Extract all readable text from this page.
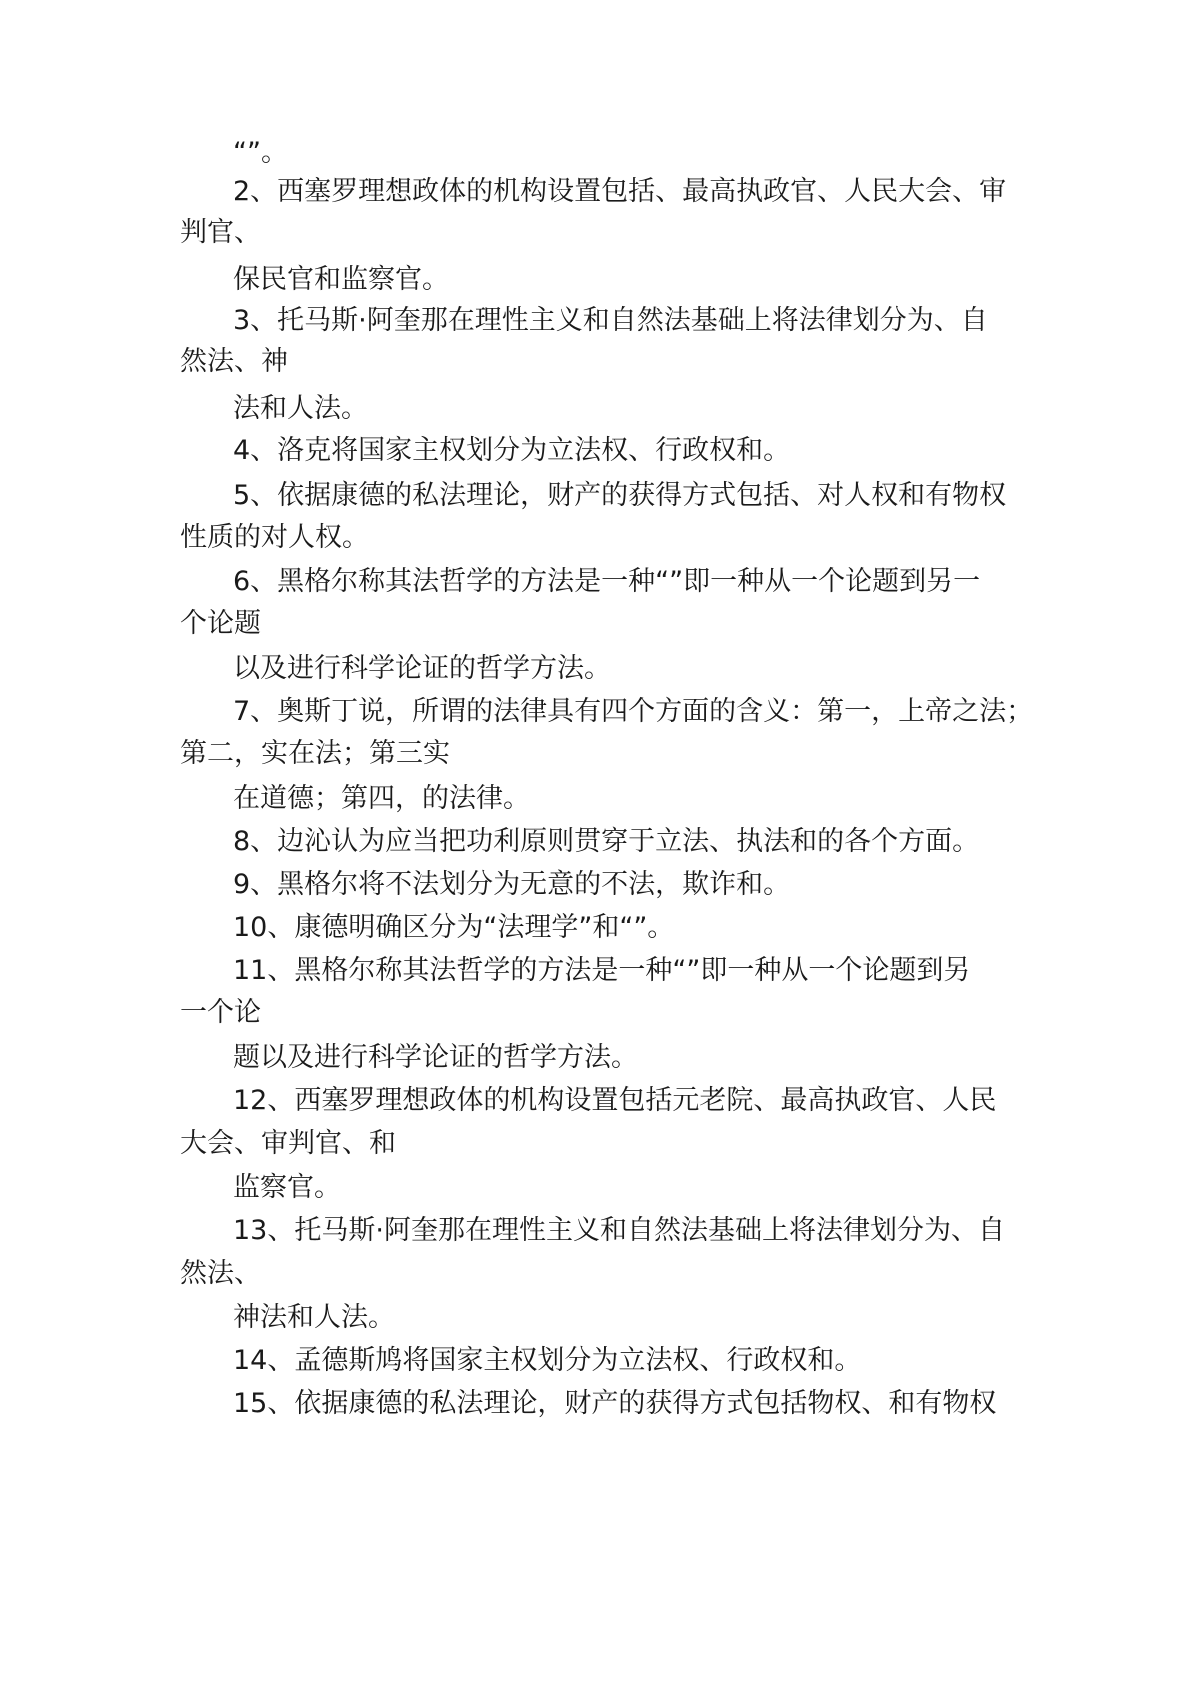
“”。
2、西塞罗理想政体的机构设置包括、最高执政官、人民大会、审
判官、
保民官和监察官。
3、托马斯·阿奎那在理性主义和自然法基础上将法律划分为、自
然法、神
法和人法。
4、洛克将国家主权划分为立法权、行政权和。
5、依据康德的私法理论，财产的获得方式包括、对人权和有物权
性质的对人权。
6、黑格尔称其法哲学的方法是一种“”即一种从一个论题到另一
个论题
以及进行科学论证的哲学方法。
7、奥斯丁说，所谓的法律具有四个方面的含义：第一，上帝之法；
第二，实在法；第三实
在道德；第四，的法律。
8、边沁认为应当把功利原则贯穿于立法、执法和的各个方面。
9、黑格尔将不法划分为无意的不法，欺诈和。
10、康德明确区分为“法理学”和“”。
11、黑格尔称其法哲学的方法是一种“”即一种从一个论题到另
一个论
题以及进行科学论证的哲学方法。
12、西塞罗理想政体的机构设置包括元老院、最高执政官、人民
大会、审判官、和
监察官。
13、托马斯·阿奎那在理性主义和自然法基础上将法律划分为、自
然法、
神法和人法。
14、孟德斯鸠将国家主权划分为立法权、行政权和。
15、依据康德的私法理论，财产的获得方式包括物权、和有物权
